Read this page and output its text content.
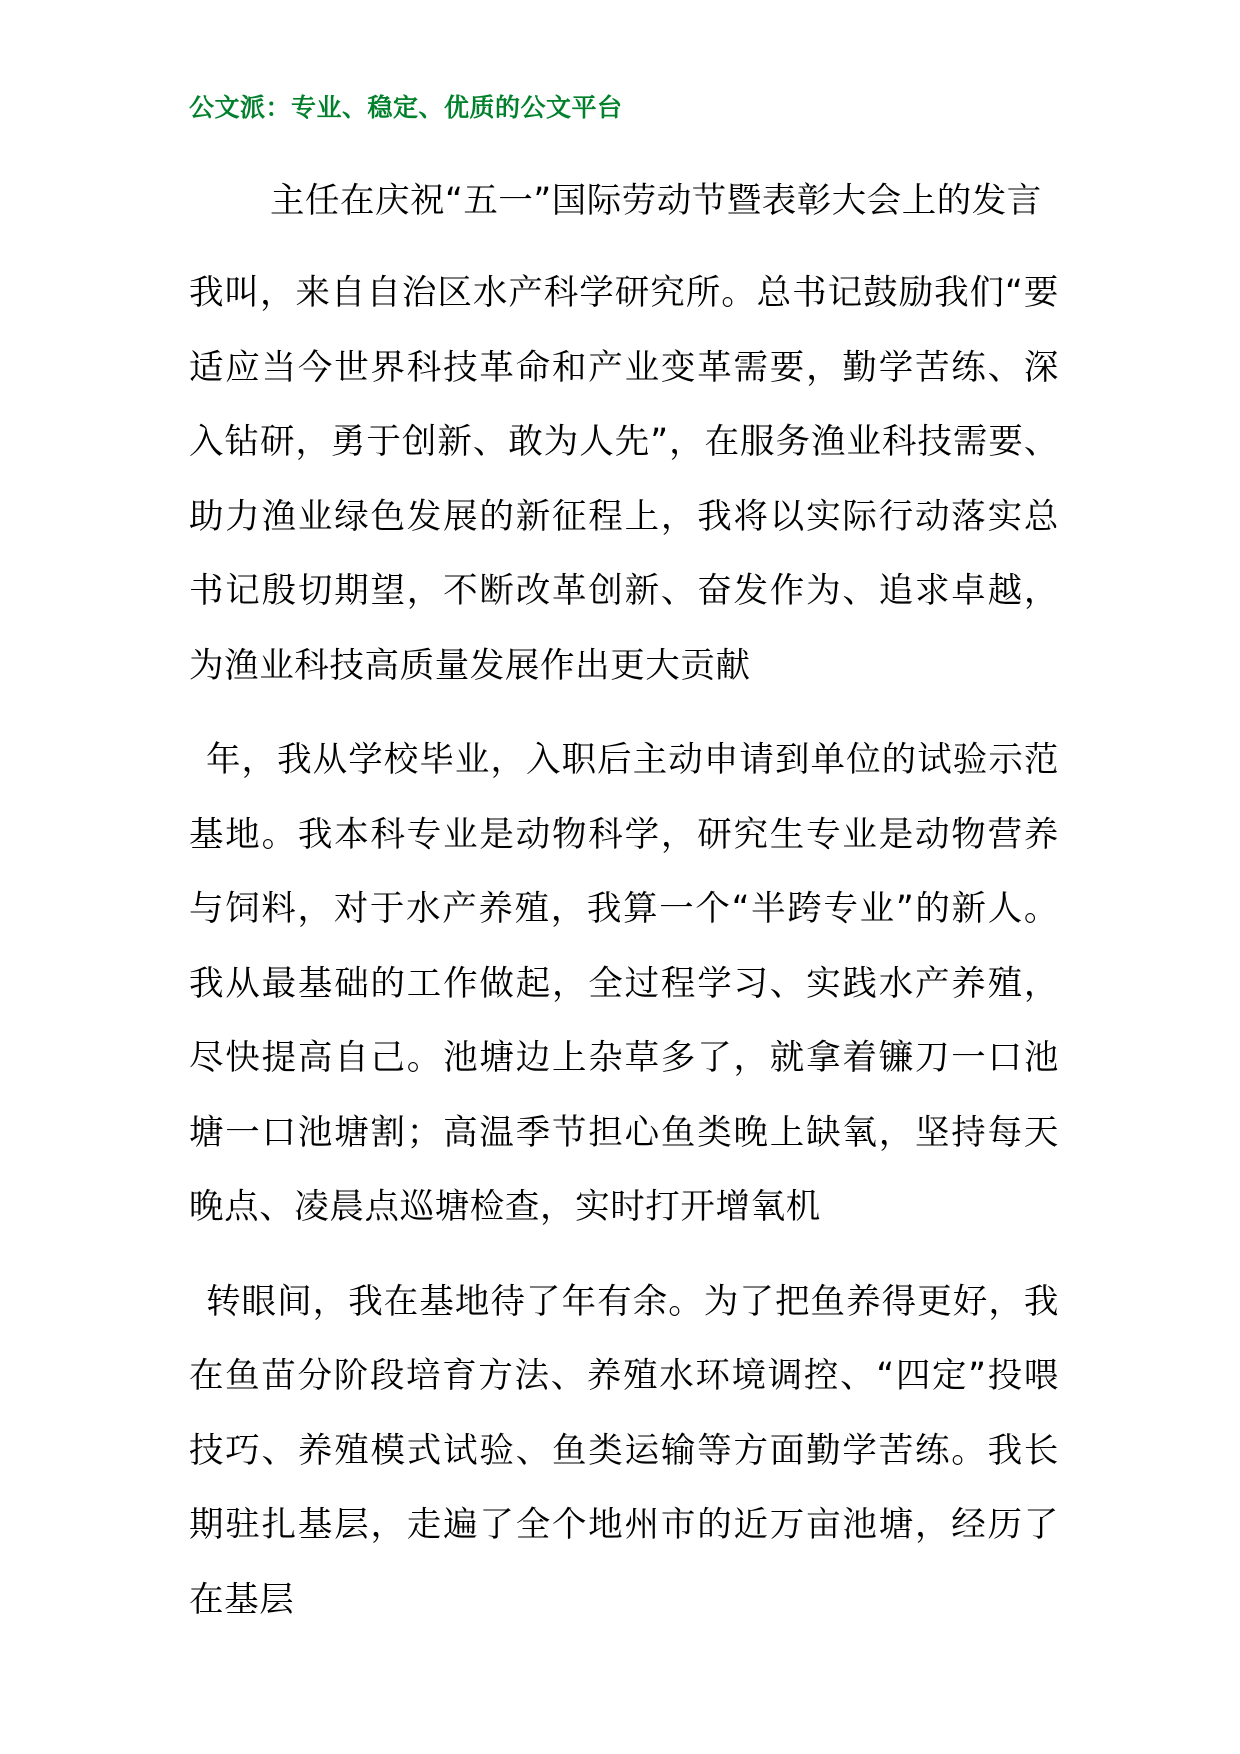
公文派：专业、稳定、优质的公文平台
主任在庆祝“五一”国际劳动节暨表彰大会上的发言

我叫，来自自治区水产科学研究所。总书记鼓励我们“要适应当今世界科技革命和产业变革需要，勤学苦练、深入钻研，勇于创新、敢为人先”，在服务渔业科技需要、助力渔业绿色发展的新征程上，我将以实际行动落实总书记殷切期望，不断改革创新、奋发作为、追求卓越，为渔业科技高质量发展作出更大贡献

年，我从学校毕业，入职后主动申请到单位的试验示范基地。我本科专业是动物科学，研究生专业是动物营养与饲料，对于水产养殖，我算一个“半跨专业”的新人。我从最基础的工作做起，全过程学习、实践水产养殖，尽快提高自己。池塘边上杂草多了，就拿着镰刀一口池塘一口池塘割；高温季节担心鱼类晚上缺氧，坚持每天晚点、凌晨点巡塘检查，实时打开增氧机

转眼间，我在基地待了年有余。为了把鱼养得更好，我在鱼苗分阶段培育方法、养殖水环境调控、“四定”投喂技巧、养殖模式试验、鱼类运输等方面勤学苦练。我长期驻扎基层，走遍了全个地州市的近万亩池塘，经历了在基层
